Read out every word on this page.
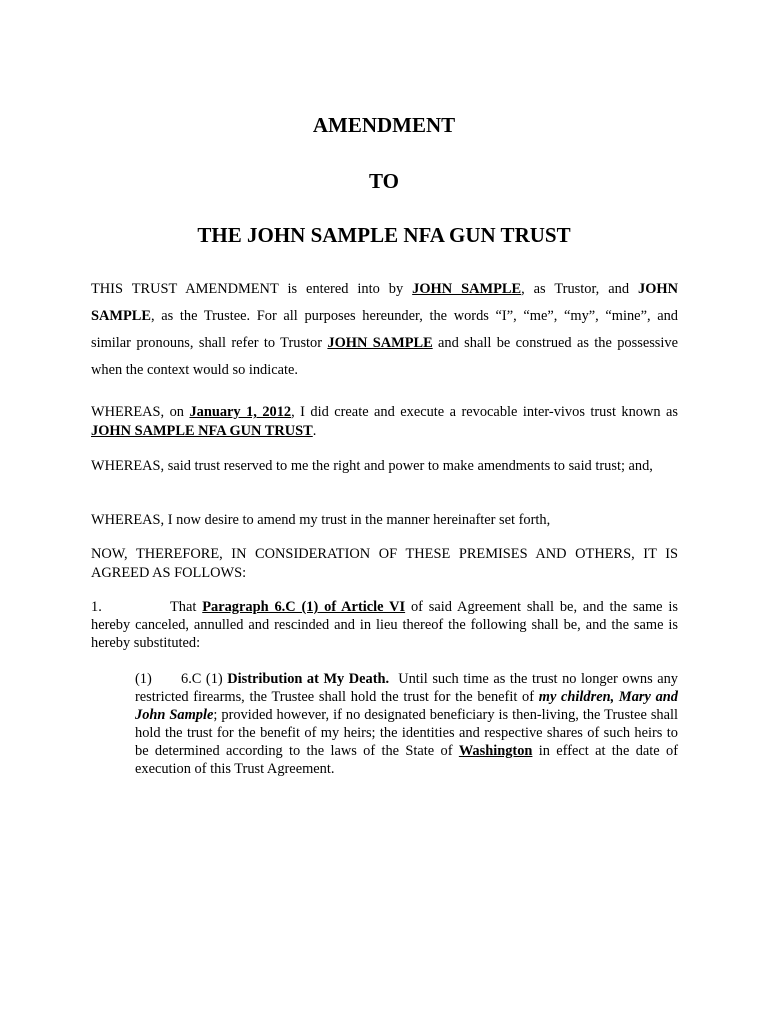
AMENDMENT
TO
THE JOHN SAMPLE NFA GUN TRUST

THIS TRUST AMENDMENT is entered into by JOHN SAMPLE, as Trustor, and JOHN SAMPLE, as the Trustee. For all purposes hereunder, the words “I”, “me”, “my”, “mine”, and similar pronouns, shall refer to Trustor JOHN SAMPLE and shall be construed as the possessive when the context would so indicate.

WHEREAS, on January 1, 2012, I did create and execute a revocable inter-vivos trust known as JOHN SAMPLE NFA GUN TRUST.

WHEREAS, said trust reserved to me the right and power to make amendments to said trust; and,

WHEREAS, I now desire to amend my trust in the manner hereinafter set forth,

NOW, THEREFORE, IN CONSIDERATION OF THESE PREMISES AND OTHERS, IT IS AGREED AS FOLLOWS:

1.	That Paragraph 6.C (1) of Article VI of said Agreement shall be, and the same is hereby canceled, annulled and rescinded and in lieu thereof the following shall be, and the same is hereby substituted:

(1) 6.C (1) Distribution at My Death.  Until such time as the trust no longer owns any restricted firearms, the Trustee shall hold the trust for the benefit of my children, Mary and John Sample; provided however, if no designated beneficiary is then-living, the Trustee shall hold the trust for the benefit of my heirs; the identities and respective shares of such heirs to be determined according to the laws of the State of Washington in effect at the date of execution of this Trust Agreement.
